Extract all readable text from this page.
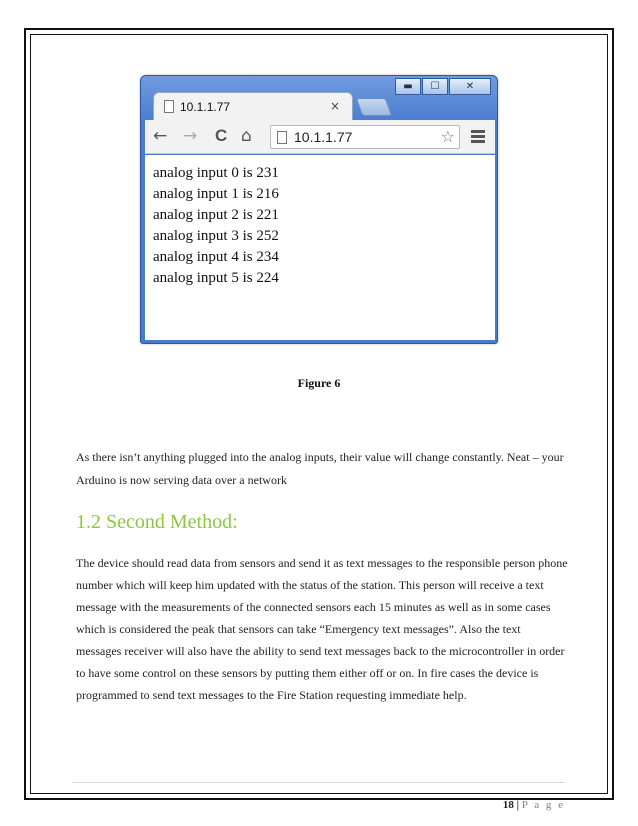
▬	☐	✕
10.1.1.77	×
← → C ⌂	10.1.1.77	☆
analog input 0 is 231
analog input 1 is 216
analog input 2 is 221
analog input 3 is 252
analog input 4 is 234
analog input 5 is 224
Figure 6

As there isn’t anything plugged into the analog inputs, their value will change constantly. Neat – your Arduino is now serving data over a network

1.2 Second Method:

The device should read data from sensors and send it as text messages to the responsible person phone number which will keep him updated with the status of the station. This person will receive a text message with the measurements of the connected sensors each 15 minutes as well as in some cases which is considered the peak that sensors can take “Emergency text messages”. Also the text messages receiver will also have the ability to send text messages back to the microcontroller in order to have some control on these sensors by putting them either off or on. In fire cases the device is programmed to send text messages to the Fire Station requesting immediate help.

18 | P a g e
